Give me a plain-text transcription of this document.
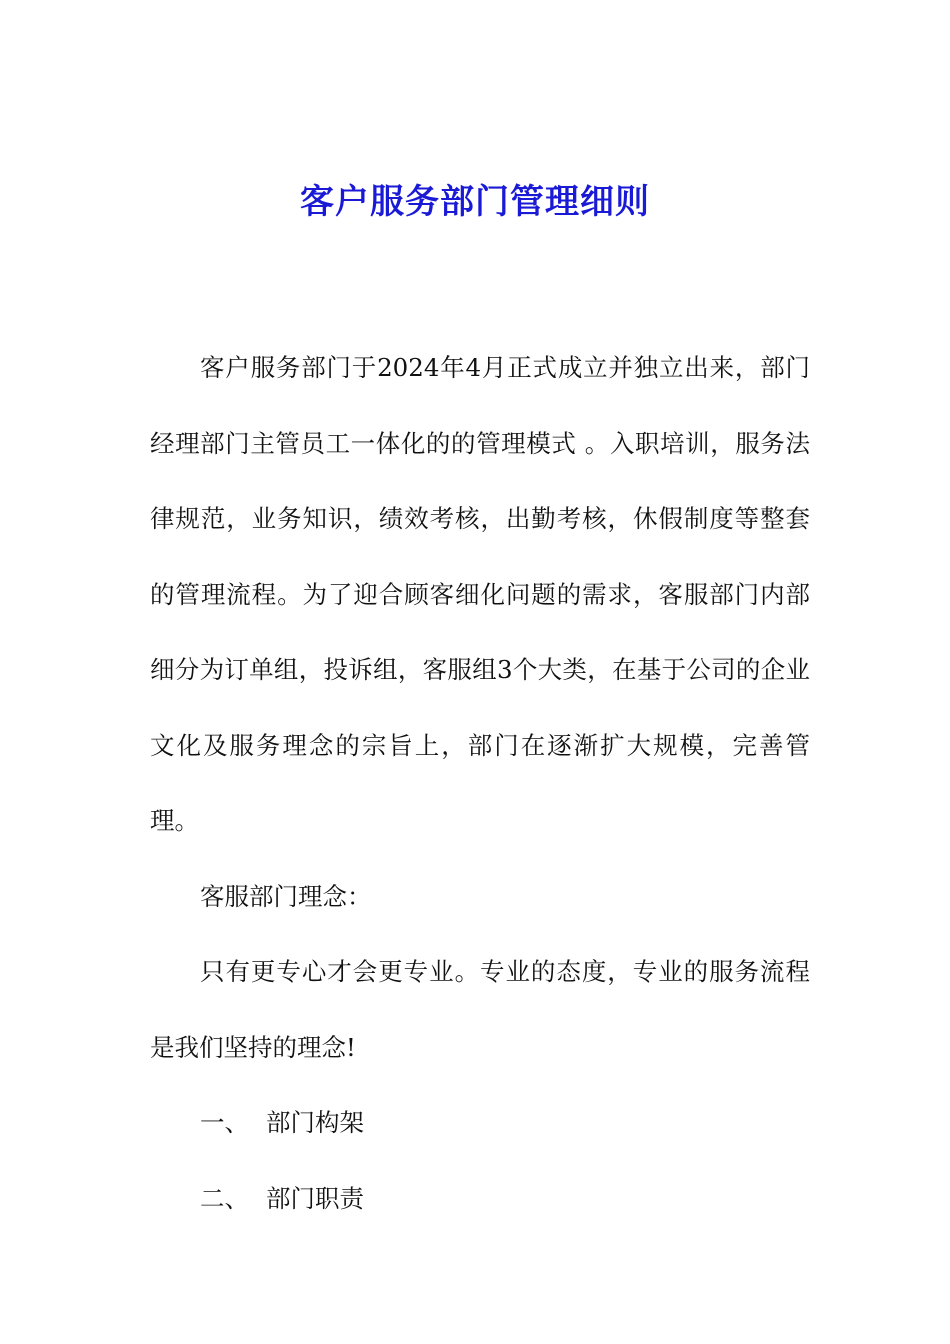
客户服务部门管理细则

客户服务部门于2024年4月正式成立并独立出来，部门经理部门主管员工一体化的的管理模式 。入职培训，服务法律规范，业务知识，绩效考核，出勤考核，休假制度等整套的管理流程。为了迎合顾客细化问题的需求，客服部门内部细分为订单组，投诉组，客服组3个大类，在基于公司的企业文化及服务理念的宗旨上，部门在逐渐扩大规模，完善管理。

客服部门理念：

只有更专心才会更专业。专业的态度，专业的服务流程是我们坚持的理念!

一、 部门构架

二、 部门职责
